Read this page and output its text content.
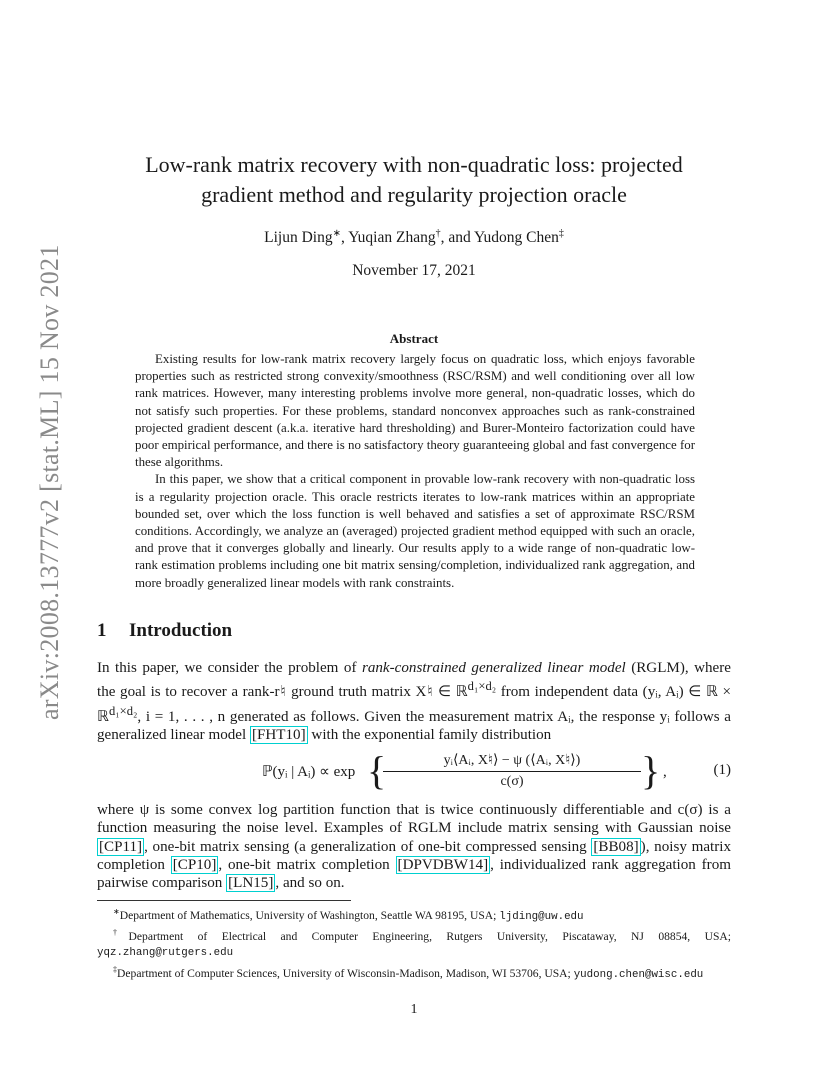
arXiv:2008.13777v2 [stat.ML] 15 Nov 2021
Low-rank matrix recovery with non-quadratic loss: projected gradient method and regularity projection oracle
Lijun Ding∗, Yuqian Zhang†, and Yudong Chen‡
November 17, 2021
Abstract

Existing results for low-rank matrix recovery largely focus on quadratic loss, which enjoys favorable properties such as restricted strong convexity/smoothness (RSC/RSM) and well conditioning over all low rank matrices. However, many interesting problems involve more general, non-quadratic losses, which do not satisfy such properties. For these problems, standard nonconvex approaches such as rank-constrained projected gradient descent (a.k.a. iterative hard thresholding) and Burer-Monteiro factorization could have poor empirical performance, and there is no satisfactory theory guaranteeing global and fast convergence for these algorithms.

In this paper, we show that a critical component in provable low-rank recovery with non-quadratic loss is a regularity projection oracle. This oracle restricts iterates to low-rank matrices within an appropriate bounded set, over which the loss function is well behaved and satisfies a set of approximate RSC/RSM conditions. Accordingly, we analyze an (averaged) projected gradient method equipped with such an oracle, and prove that it converges globally and linearly. Our results apply to a wide range of non-quadratic low-rank estimation problems including one bit matrix sensing/completion, individualized rank aggregation, and more broadly generalized linear models with rank constraints.

1 Introduction
In this paper, we consider the problem of rank-constrained generalized linear model (RGLM), where the goal is to recover a rank-r♮ ground truth matrix X♮ ∈ ℝ$^{d_1\times d_2}$ from independent data (yᵢ, Aᵢ) ∈ ℝ × ℝ$^{d_1\times d_2}$, i = 1, . . . , n generated as follows. Given the measurement matrix Aᵢ, the response yᵢ follows a generalized linear model [FHT10] with the exponential family distribution
ℙ(yᵢ | Aᵢ) ∝ exp {
$\frac{\text{yᵢ⟨Aᵢ, X♮⟩ − ψ (⟨Aᵢ, X♮⟩)}}{c(\sigma)}$ } ,	(1)
where ψ is some convex log partition function that is twice continuously differentiable and c(σ) is a function measuring the noise level. Examples of RGLM include matrix sensing with Gaussian noise [CP11] , one-bit matrix sensing (a generalization of one-bit compressed sensing [BB08] ), noisy matrix completion [CP10] , one-bit matrix completion [DPVDBW14] , individualized rank aggregation from pairwise comparison [LN15] , and so on.

∗Department of Mathematics, University of Washington, Seattle WA 98195, USA; ljding@uw.edu

†Department of Electrical and Computer Engineering, Rutgers University, Piscataway, NJ 08854, USA; yqz.zhang@rutgers.edu

‡Department of Computer Sciences, University of Wisconsin-Madison, Madison, WI 53706, USA; yudong.chen@wisc.edu

1
